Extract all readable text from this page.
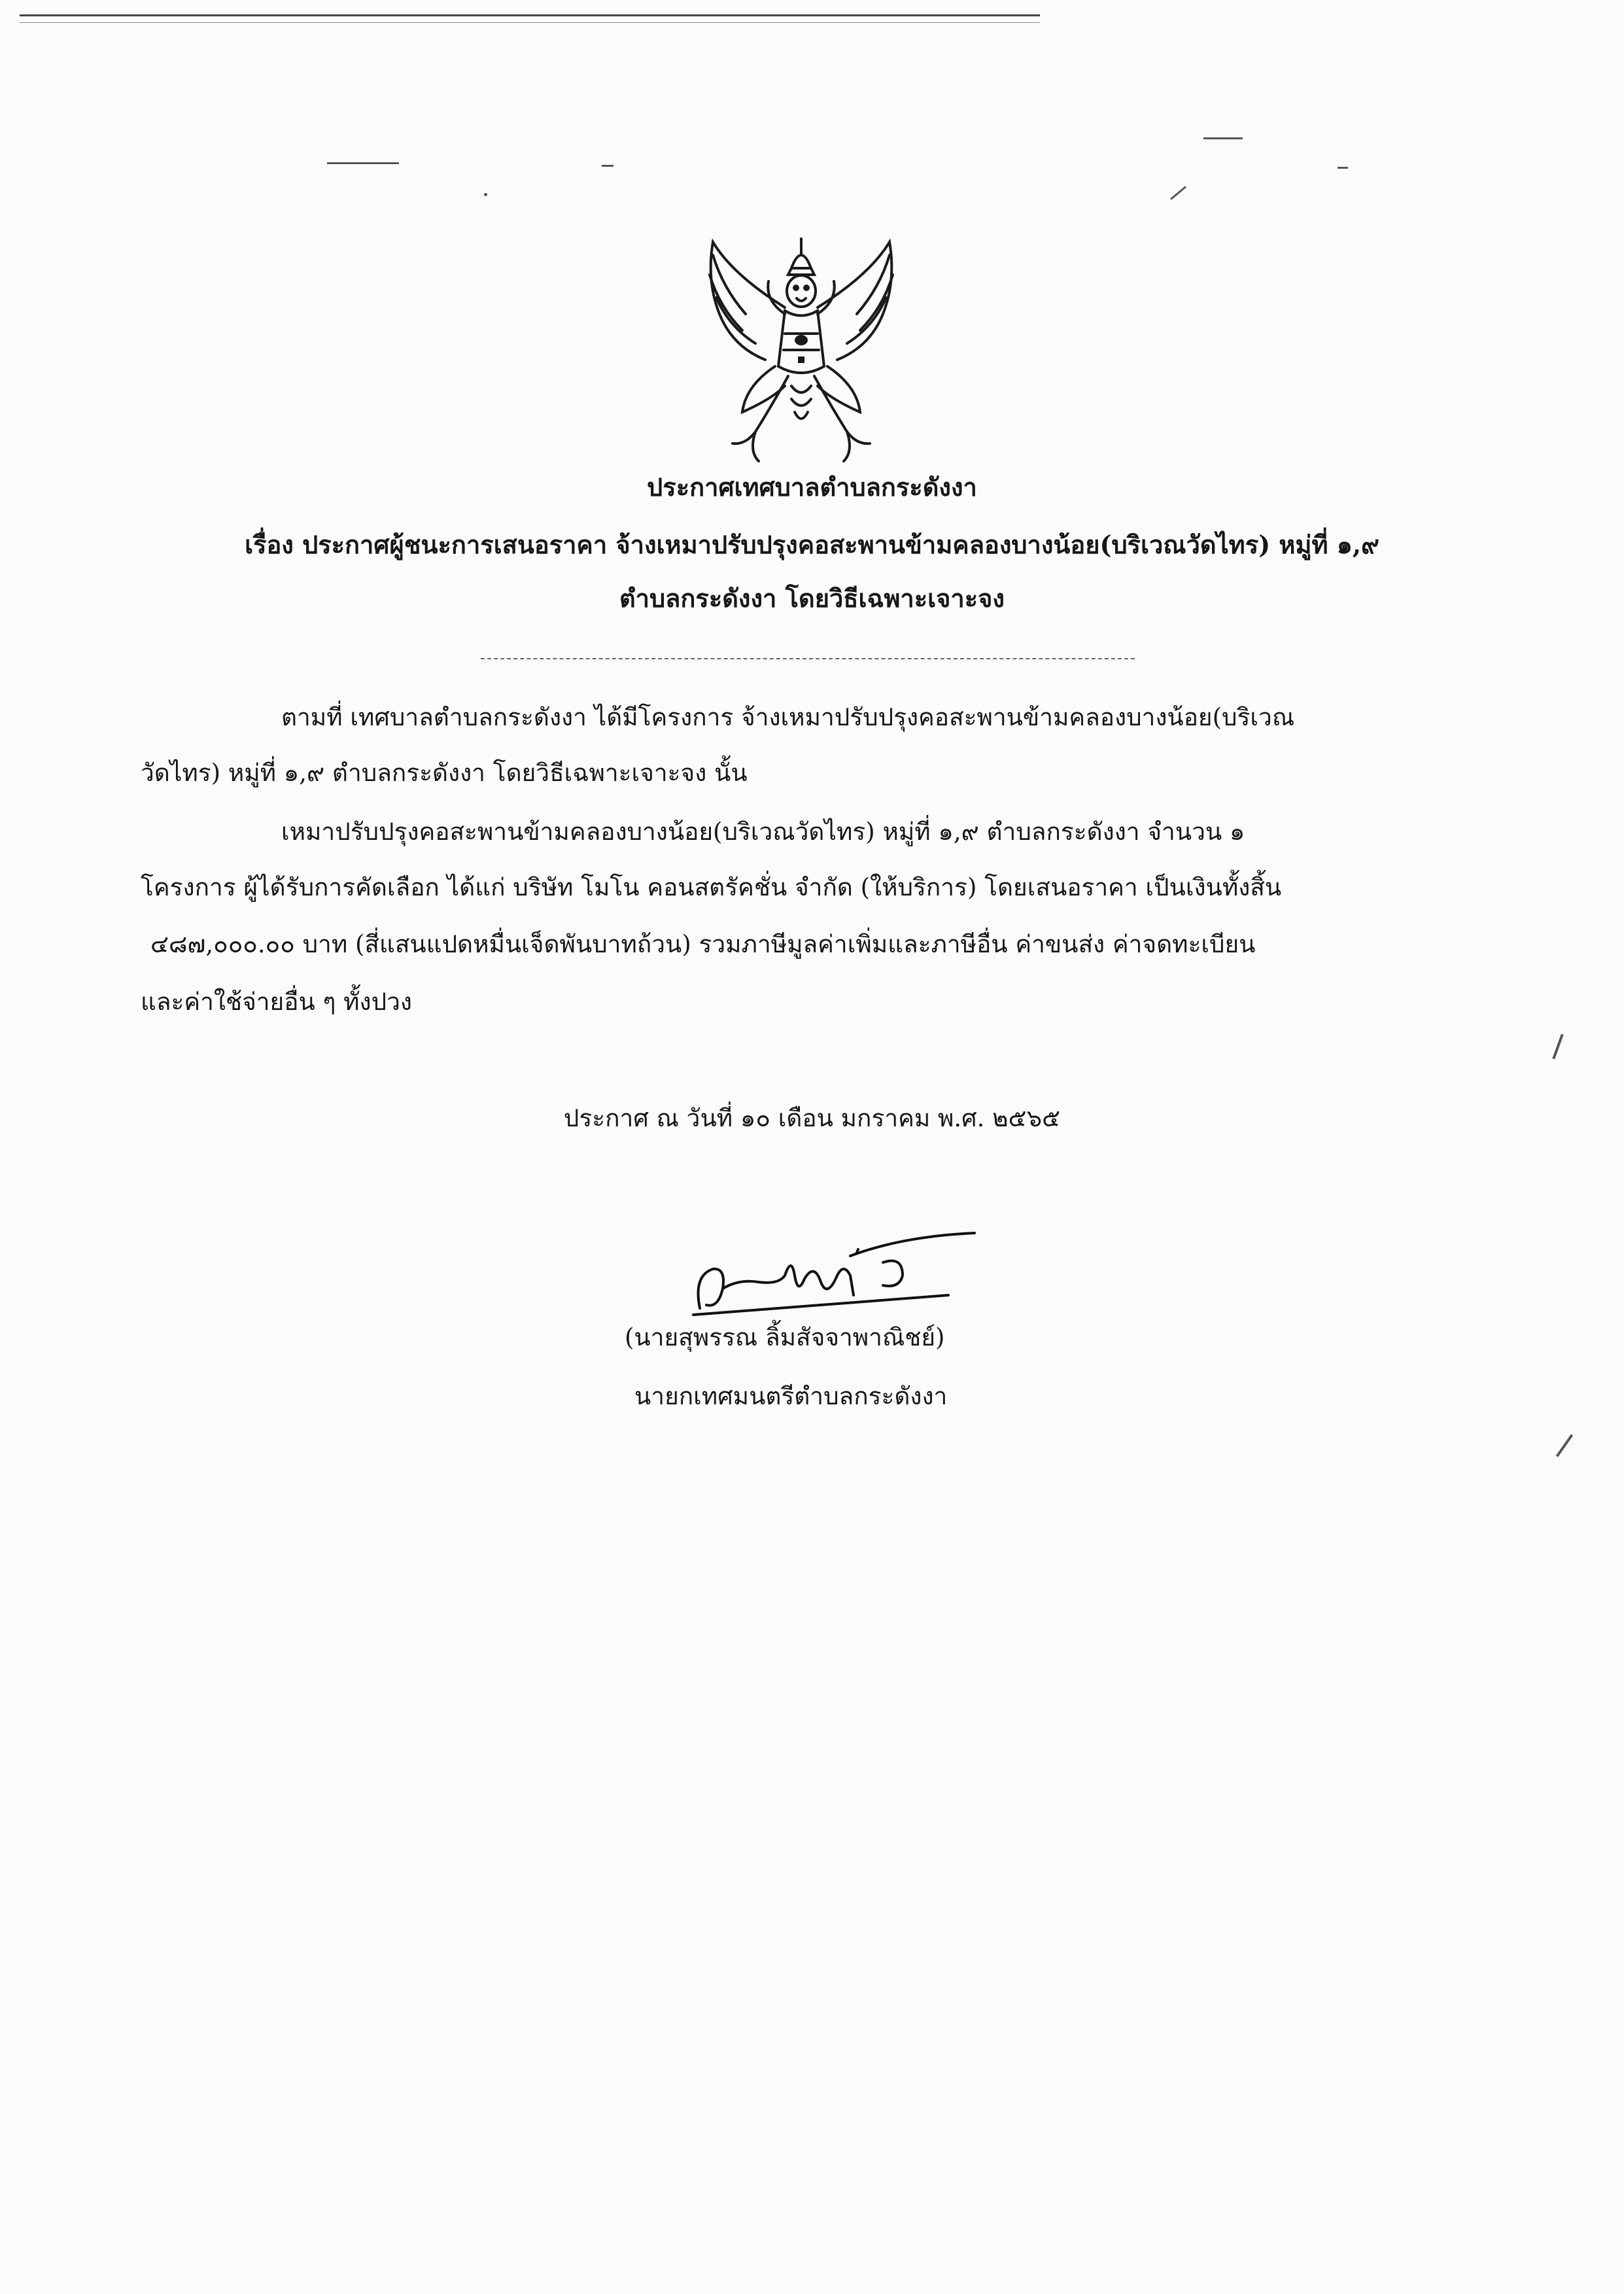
ประกาศเทศบาลตำบลกระดังงา
เรื่อง ประกาศผู้ชนะการเสนอราคา จ้างเหมาปรับปรุงคอสะพานข้ามคลองบางน้อย(บริเวณวัดไทร) หมู่ที่ ๑,๙
ตำบลกระดังงา โดยวิธีเฉพาะเจาะจง
ตามที่ เทศบาลตำบลกระดังงา ได้มีโครงการ จ้างเหมาปรับปรุงคอสะพานข้ามคลองบางน้อย(บริเวณ
วัดไทร) หมู่ที่ ๑,๙ ตำบลกระดังงา โดยวิธีเฉพาะเจาะจง นั้น
เหมาปรับปรุงคอสะพานข้ามคลองบางน้อย(บริเวณวัดไทร) หมู่ที่ ๑,๙ ตำบลกระดังงา จำนวน ๑
โครงการ ผู้ได้รับการคัดเลือก ได้แก่ บริษัท โมโน คอนสตรัคชั่น จำกัด (ให้บริการ) โดยเสนอราคา เป็นเงินทั้งสิ้น
๔๘๗,๐๐๐.๐๐ บาท (สี่แสนแปดหมื่นเจ็ดพันบาทถ้วน) รวมภาษีมูลค่าเพิ่มและภาษีอื่น ค่าขนส่ง ค่าจดทะเบียน
และค่าใช้จ่ายอื่น ๆ ทั้งปวง
ประกาศ ณ วันที่ ๑๐ เดือน มกราคม พ.ศ. ๒๕๖๕
(นายสุพรรณ ลิ้มสัจจาพาณิชย์)
นายกเทศมนตรีตำบลกระดังงา
